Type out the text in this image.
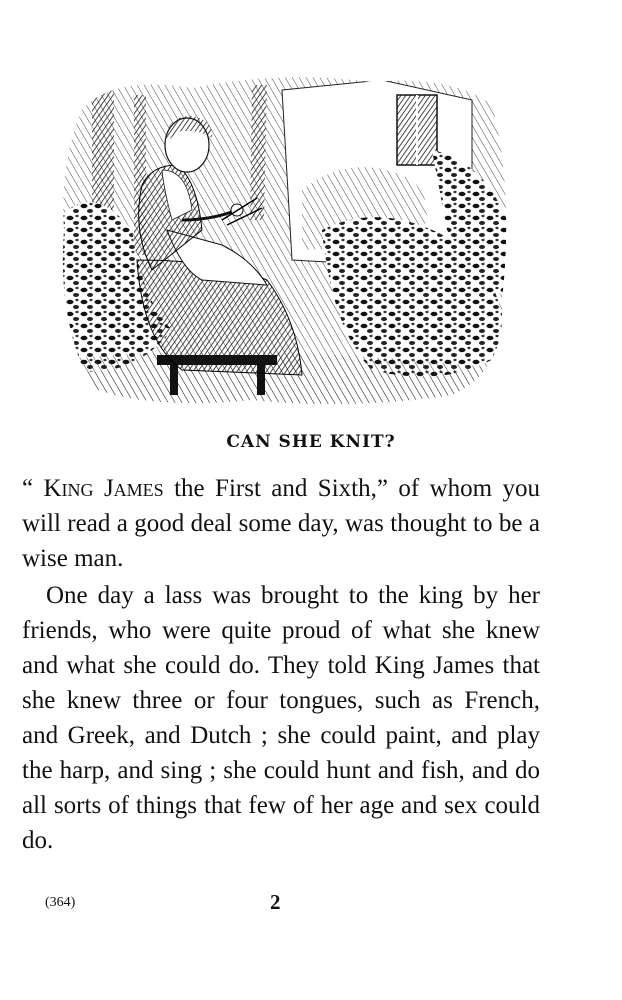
CAN SHE KNIT?

“ King James the First and Sixth,” of whom you will read a good deal some day, was thought to be a wise man.

One day a lass was brought to the king by her friends, who were quite proud of what she knew and what she could do. They told King James that she knew three or four tongues, such as French, and Greek, and Dutch ; she could paint, and play the harp, and sing ; she could hunt and fish, and do all sorts of things that few of her age and sex could do.

(364)	2
